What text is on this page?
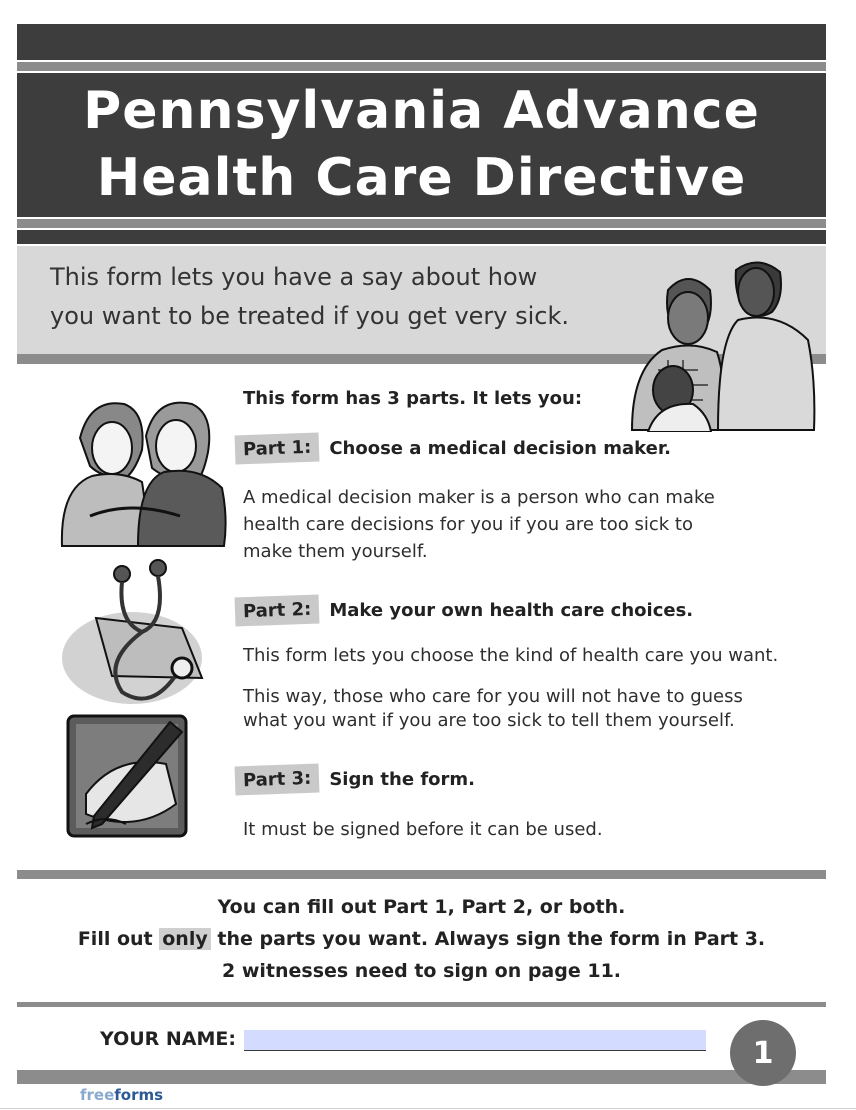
Pennsylvania Advance
Health Care Directive
This form lets you have a say about how
you want to be treated if you get very sick.
This form has 3 parts. It lets you:
Part 1: Choose a medical decision maker.
A medical decision maker is a person who can make
health care decisions for you if you are too sick to
make them yourself.
Part 2: Make your own health care choices.
This form lets you choose the kind of health care you want.
This way, those who care for you will not have to guess
what you want if you are too sick to tell them yourself.
Part 3: Sign the form.
It must be signed before it can be used.
You can fill out Part 1, Part 2, or both.
Fill out only the parts you want. Always sign the form in Part 3.
2 witnesses need to sign on page 11.
YOUR NAME:	1
freeforms
